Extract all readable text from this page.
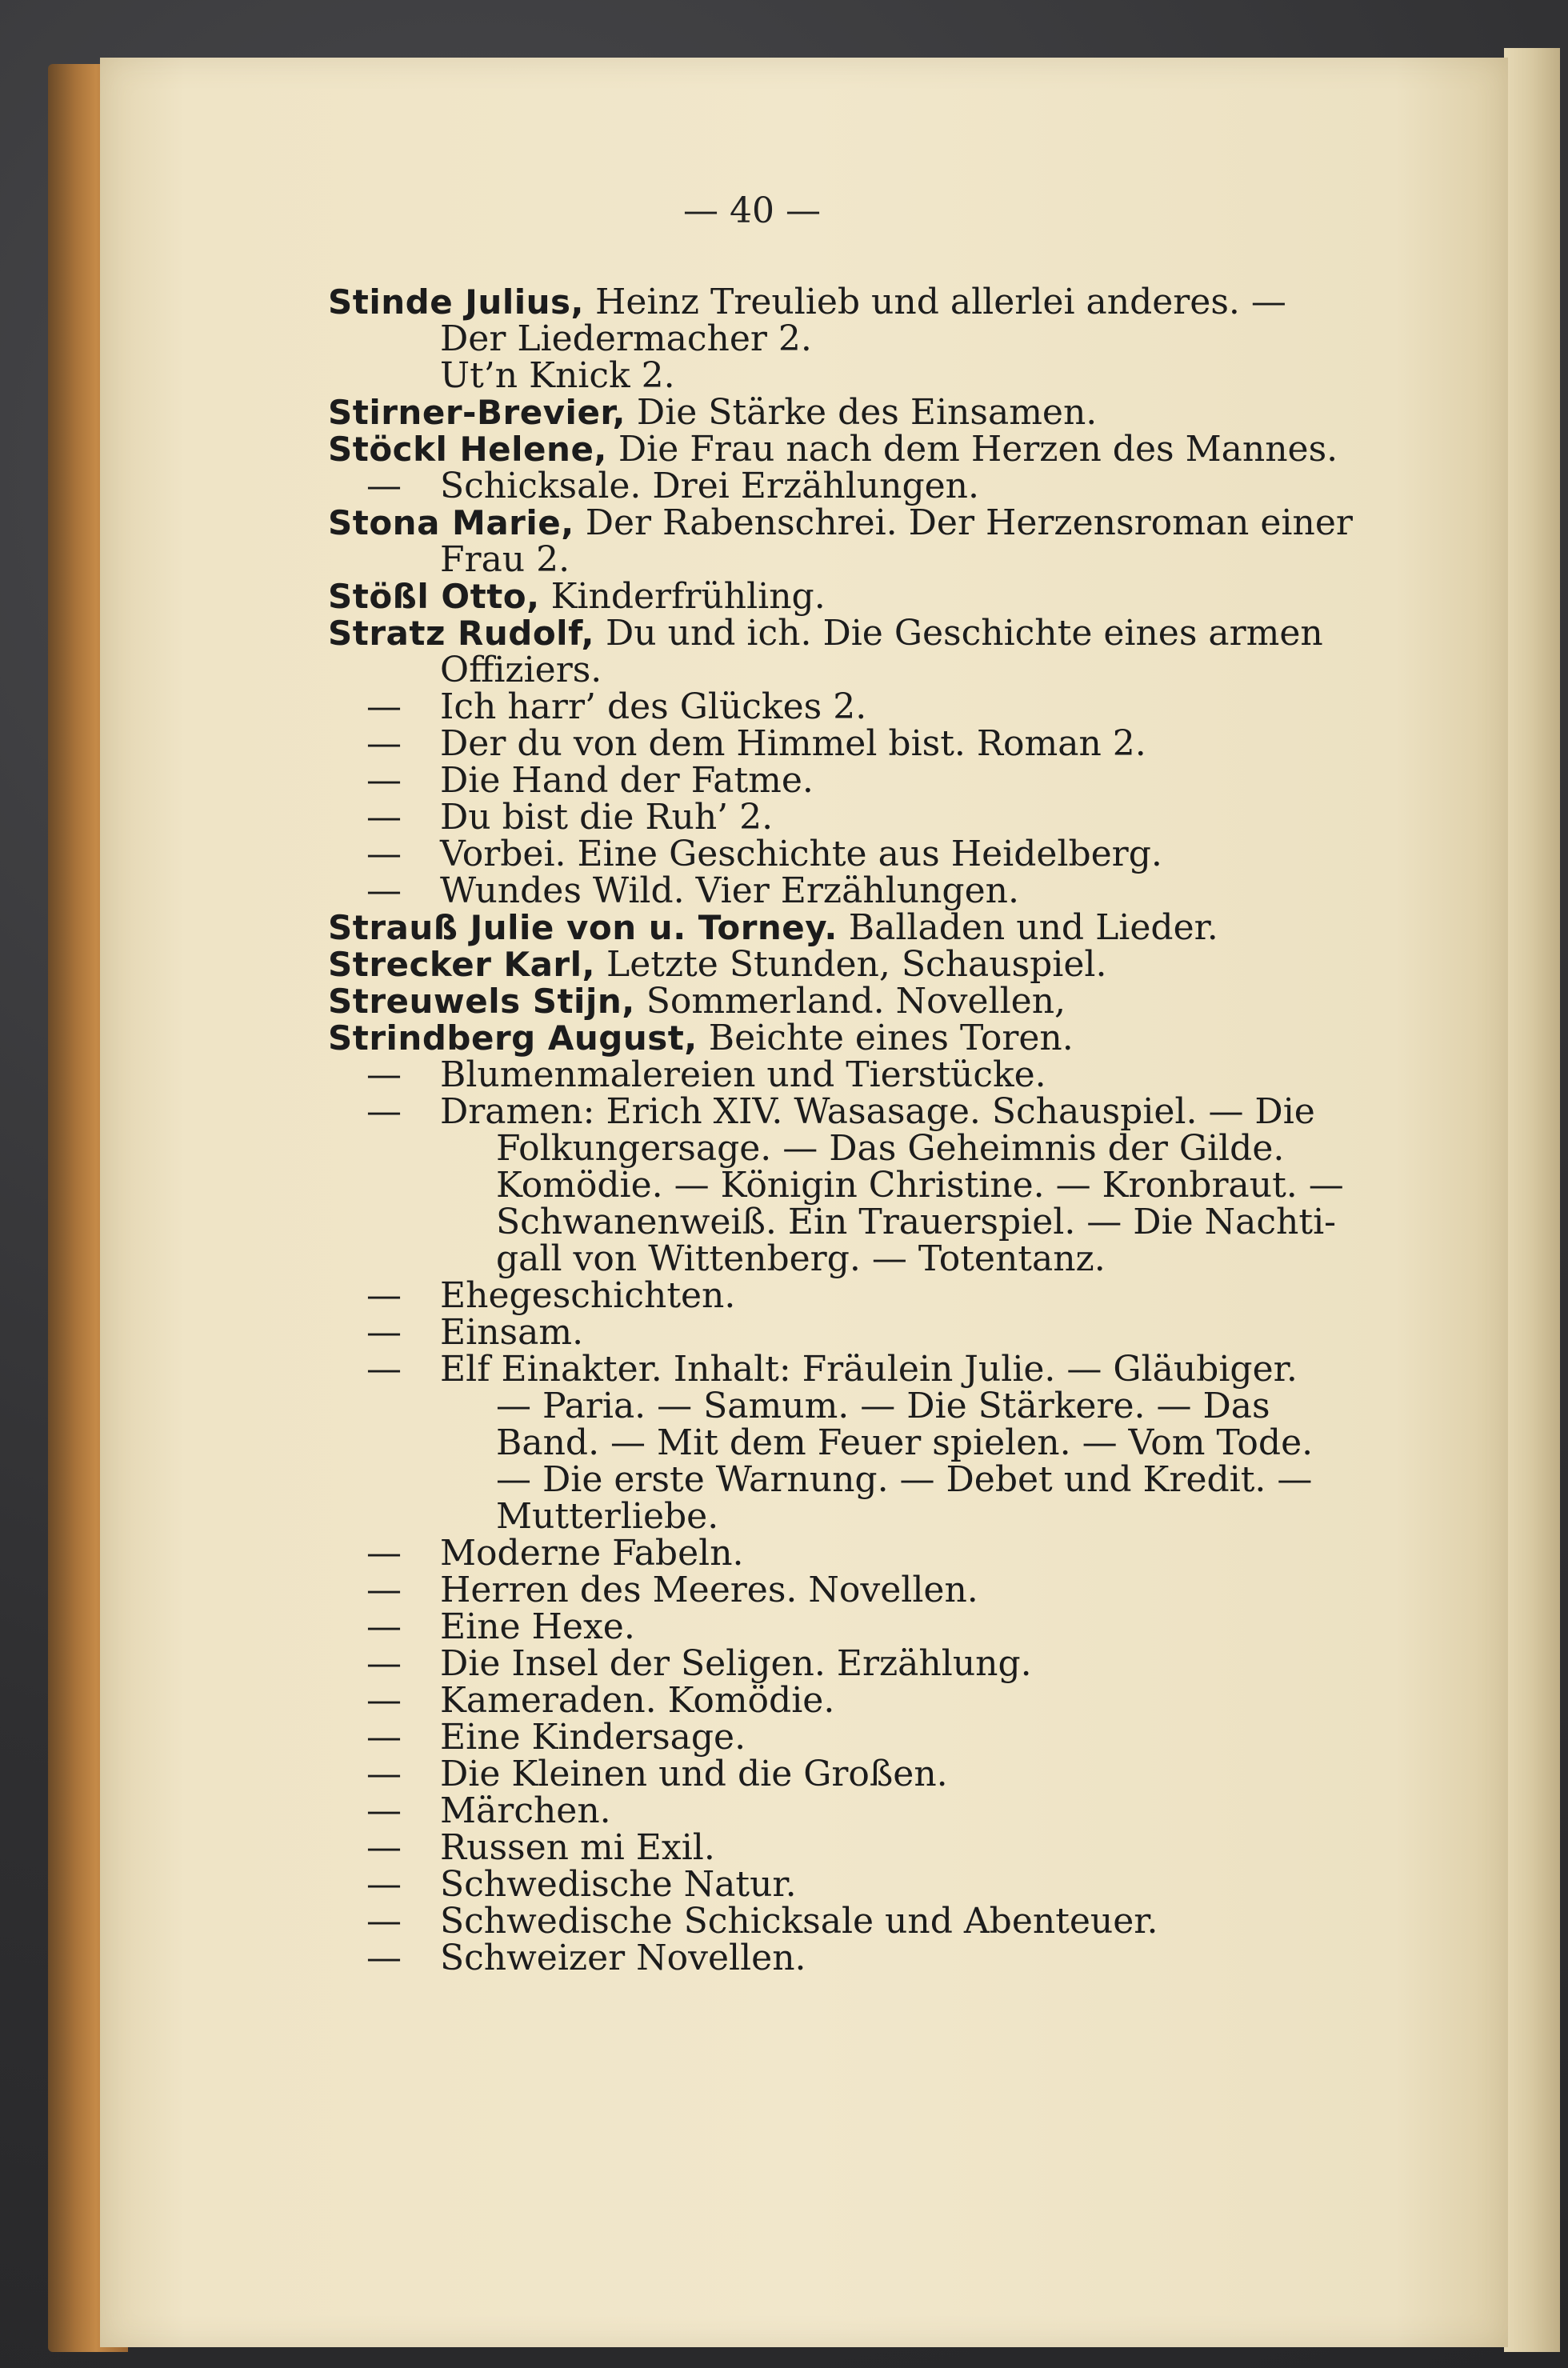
— 40 —
Stinde Julius, Heinz Treulieb und allerlei anderes. —
Der Liedermacher 2.
Ut’n Knick 2.
Stirner-Brevier, Die Stärke des Einsamen.
Stöckl Helene, Die Frau nach dem Herzen des Mannes.
— Schicksale. Drei Erzählungen.
Stona Marie, Der Rabenschrei. Der Herzensroman einer
Frau 2.
Stößl Otto, Kinderfrühling.
Stratz Rudolf, Du und ich. Die Geschichte eines armen
Offiziers.
— Ich harr’ des Glückes 2.
— Der du von dem Himmel bist. Roman 2.
— Die Hand der Fatme.
— Du bist die Ruh’ 2.
— Vorbei. Eine Geschichte aus Heidelberg.
— Wundes Wild. Vier Erzählungen.
Strauß Julie von u. Torney. Balladen und Lieder.
Strecker Karl, Letzte Stunden, Schauspiel.
Streuwels Stijn, Sommerland. Novellen,
Strindberg August, Beichte eines Toren.
— Blumenmalereien und Tierstücke.
— Dramen: Erich XIV. Wasasage. Schauspiel. — Die
Folkungersage. — Das Geheimnis der Gilde.
Komödie. — Königin Christine. — Kronbraut. —
Schwanenweiß. Ein Trauerspiel. — Die Nachti-
gall von Wittenberg. — Totentanz.
— Ehegeschichten.
— Einsam.
— Elf Einakter. Inhalt: Fräulein Julie. — Gläubiger.
— Paria. — Samum. — Die Stärkere. — Das
Band. — Mit dem Feuer spielen. — Vom Tode.
— Die erste Warnung. — Debet und Kredit. —
Mutterliebe.
— Moderne Fabeln.
— Herren des Meeres. Novellen.
— Eine Hexe.
— Die Insel der Seligen. Erzählung.
— Kameraden. Komödie.
— Eine Kindersage.
— Die Kleinen und die Großen.
— Märchen.
— Russen mi Exil.
— Schwedische Natur.
— Schwedische Schicksale und Abenteuer.
— Schweizer Novellen.
